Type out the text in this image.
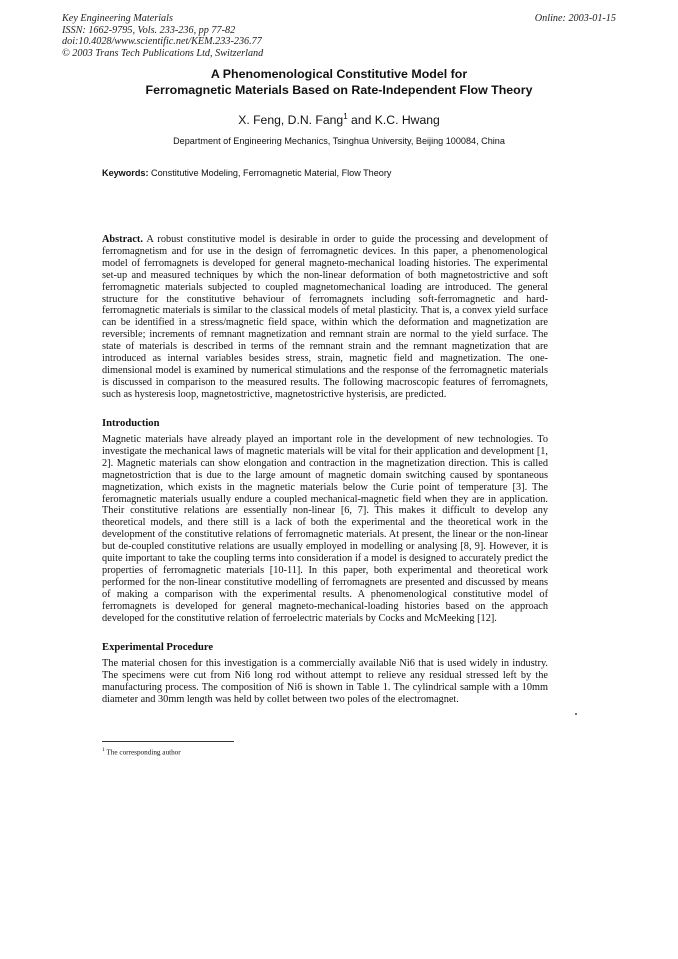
Key Engineering Materials
ISSN: 1662-9795, Vols. 233-236, pp 77-82
doi:10.4028/www.scientific.net/KEM.233-236.77
© 2003 Trans Tech Publications Ltd, Switzerland
Online: 2003-01-15
A Phenomenological Constitutive Model for
Ferromagnetic Materials Based on Rate-Independent Flow Theory
X. Feng, D.N. Fang$^1$ and K.C. Hwang
Department of Engineering Mechanics, Tsinghua University, Beijing 100084, China
Keywords: Constitutive Modeling, Ferromagnetic Material, Flow Theory
Abstract. A robust constitutive model is desirable in order to guide the processing and development of ferromagnetism and for use in the design of ferromagnetic devices. In this paper, a phenomenological model of ferromagnets is developed for general magneto-mechanical loading histories. The experimental set-up and measured techniques by which the non-linear deformation of both magnetostrictive and soft ferromagnetic materials subjected to coupled magnetomechanical loading are introduced. The general structure for the constitutive behaviour of ferromagnets including soft-ferromagnetic and hard-ferromagnetic materials is similar to the classical models of metal plasticity. That is, a convex yield surface can be identified in a stress/magnetic field space, within which the deformation and magnetization are reversible; increments of remnant magnetization and remnant strain are normal to the yield surface. The state of materials is described in terms of the remnant strain and the remnant magnetization that are introduced as internal variables besides stress, strain, magnetic field and magnetization. The one-dimensional model is examined by numerical stimulations and the response of the ferromagnetic materials is discussed in comparison to the measured results. The following macroscopic features of ferromagnets, such as hysteresis loop, magnetostrictive, magnetostrictive hysterisis, are predicted.
Introduction
Magnetic materials have already played an important role in the development of new technologies. To investigate the mechanical laws of magnetic materials will be vital for their application and development [1, 2]. Magnetic materials can show elongation and contraction in the magnetization direction. This is called magnetostriction that is due to the large amount of magnetic domain switching caused by spontaneous magnetization, which exists in the magnetic materials below the Curie point of temperature [3]. The feromagnetic materials usually endure a coupled mechanical-magnetic field when they are in application. Their constitutive relations are essentially non-linear [6, 7]. This makes it difficult to develop any theoretical models, and there still is a lack of both the experimental and the theoretical work in the development of the constitutive relations of ferromagnetic materials. At present, the linear or the non-linear but de-coupled constitutive relations are usually employed in modelling or analysing [8, 9]. However, it is quite important to take the coupling terms into consideration if a model is designed to accurately predict the properties of ferromagnetic materials [10-11]. In this paper, both experimental and theoretical work performed for the non-linear constitutive modelling of ferromagnets are presented and discussed by means of making a comparison with the experimental results. A phenomenological constitutive model of ferromagnets is developed for general magneto-mechanical-loading histories based on the approach developed for the constitutive relation of ferroelectric materials by Cocks and McMeeking [12].
Experimental Procedure
The material chosen for this investigation is a commercially available Ni6 that is used widely in industry. The specimens were cut from Ni6 long rod without attempt to relieve any residual stressed left by the manufacturing process. The composition of Ni6 is shown in Table 1. The cylindrical sample with a 10mm diameter and 30mm length was held by collet between two poles of the electromagnet.
$^1$ The corresponding author
